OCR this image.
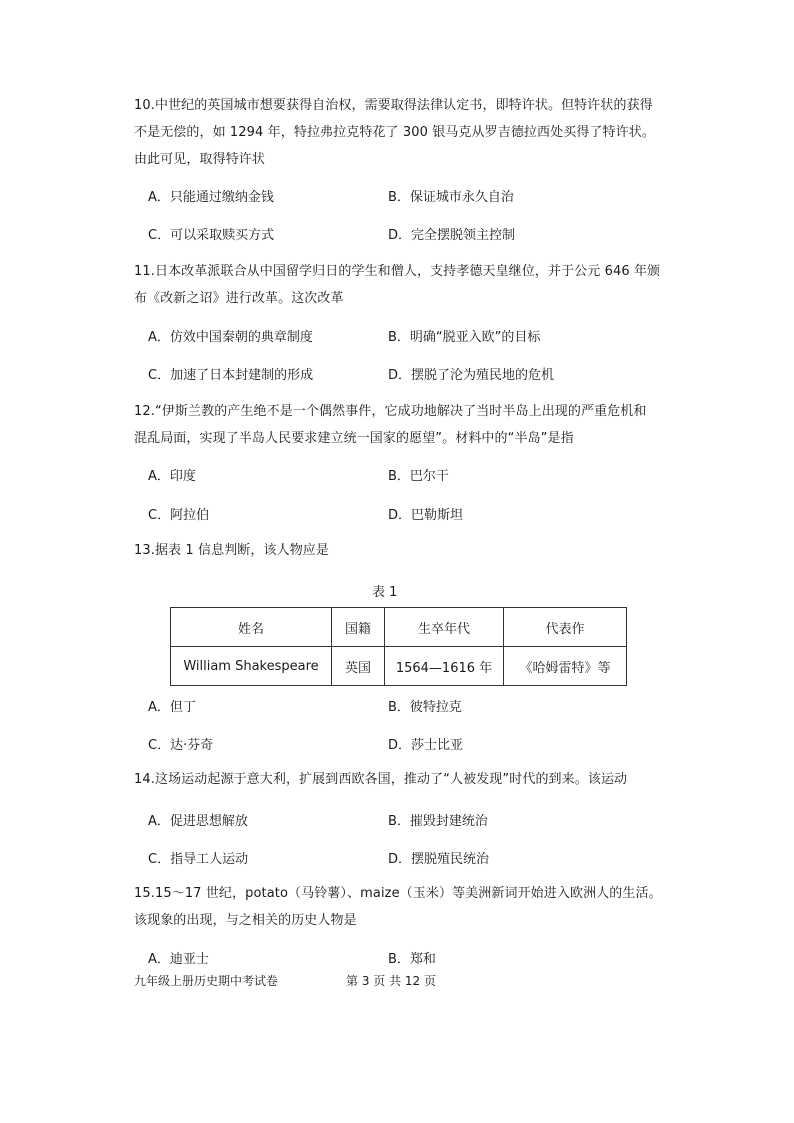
10.中世纪的英国城市想要获得自治权，需要取得法律认定书，即特许状。但特许状的获得
不是无偿的，如 1294 年，特拉弗拉克特花了 300 银马克从罗吉德拉西处买得了特许状。
由此可见，取得特许状
A．只能通过缴纳金钱	B．保证城市永久自治
C．可以采取赎买方式	D．完全摆脱领主控制
11.日本改革派联合从中国留学归日的学生和僧人，支持孝德天皇继位，并于公元 646 年颁
布《改新之诏》进行改革。这次改革
A．仿效中国秦朝的典章制度	B．明确“脱亚入欧”的目标
C．加速了日本封建制的形成	D．摆脱了沦为殖民地的危机
12.“伊斯兰教的产生绝不是一个偶然事件，它成功地解决了当时半岛上出现的严重危机和
混乱局面，实现了半岛人民要求建立统一国家的愿望”。材料中的“半岛”是指
A．印度	B．巴尔干
C．阿拉伯	D．巴勒斯坦
13.据表 1 信息判断，该人物应是
表 1
姓名	国籍	生卒年代	代表作
William Shakespeare	英国	1564—1616 年	《哈姆雷特》等
A．但丁	B．彼特拉克
C．达·芬奇	D．莎士比亚
14.这场运动起源于意大利，扩展到西欧各国，推动了“人被发现”时代的到来。该运动
A．促进思想解放	B．摧毁封建统治
C．指导工人运动	D．摆脱殖民统治
15.15～17 世纪，potato（马铃薯）、maize（玉米）等美洲新词开始进入欧洲人的生活。
该现象的出现，与之相关的历史人物是
A．迪亚士	B．郑和
九年级上册历史期中考试卷	第 3 页 共 12 页
